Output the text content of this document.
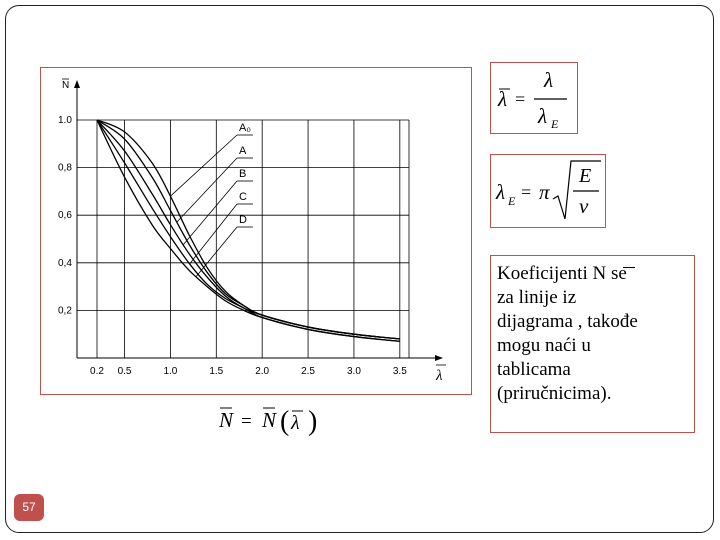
A₀
A
B
C
D
0.2 0.5	1.0	1.5	2.0	2.5	3.0	3.5
1.0
0,8
0,6
0,4
0,2
N
λ
N = N ( λ )
λ =
λ
λ E
λ E = π
E
ν

Koeficijenti N se
za linije iz
dijagrama , takođe
mogu naći u
tablicama
(priručnicima).

57
